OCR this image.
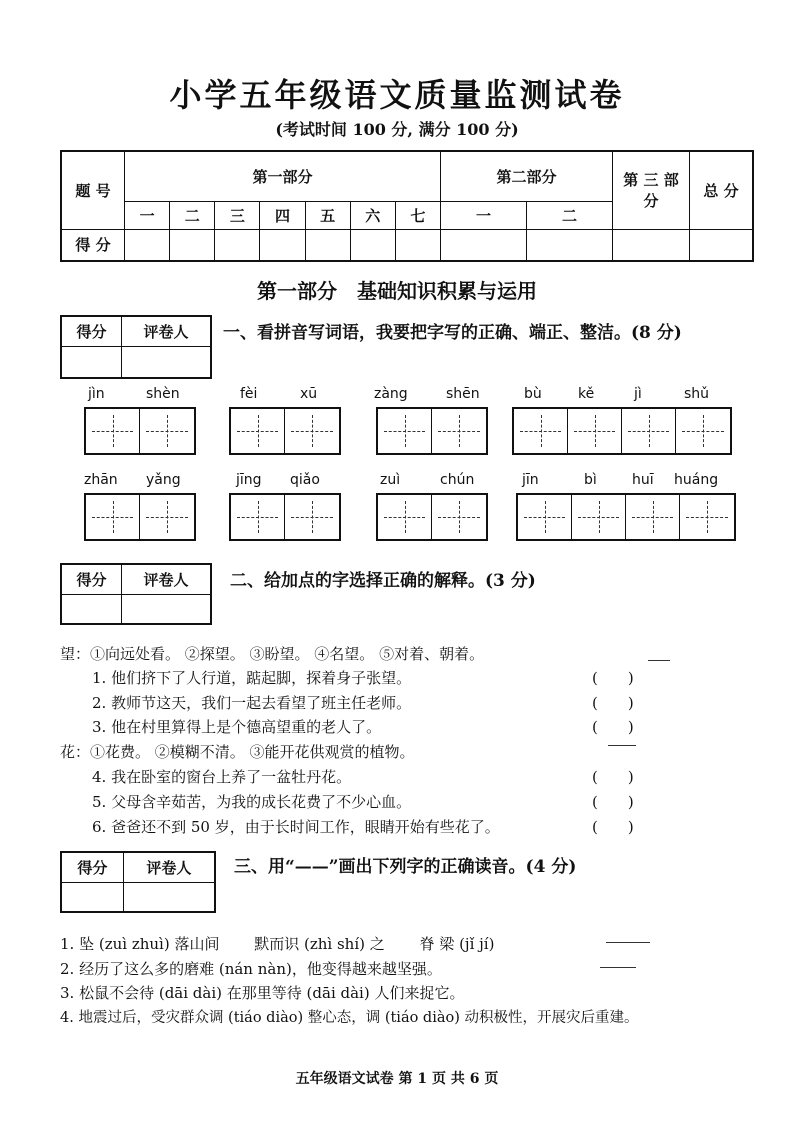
小学五年级语文质量监测试卷
(考试时间 100 分, 满分 100 分)
题 号	第一部分							第二部分		第 三 部 分	总 分
	一	二	三	四	五	六	七	一	二		
得 分											
第一部分　基础知识积累与运用
得分	评卷人
	一、看拼音写词语，我要把字写的正确、端正、整洁。(8 分)
jìn	shèn	fèi	xū	zàng	shēn	bù	kě	jì	shǔ
zhān yǎng	jīng qiǎo	zuì	chún	jīn	bì	huī huáng
得分	评卷人
	二、给加点的字选择正确的解释。(3 分)
望：①向远处看。 ②探望。 ③盼望。 ④名望。 ⑤对着、朝着。
1. 他们挤下了人行道，踮起脚，探着身子张望。	(　　)
2. 教师节这天，我们一起去看望了班主任老师。	(　　)
3. 他在村里算得上是个德高望重的老人了。	(　　)
花：①花费。 ②模糊不清。 ③能开花供观赏的植物。
4. 我在卧室的窗台上养了一盆牡丹花。	(　　)
5. 父母含辛茹苦，为我的成长花费了不少心血。	(　　)
6. 爸爸还不到 50 岁，由于长时间工作，眼睛开始有些花了。	(　　)
得分	评卷人
		三、用“——”画出下列字的正确读音。(4 分)
1. 坠 (zuì zhuì) 落山间　　 默而识 (zhì shí) 之　　 脊 梁 (jǐ jí)
2. 经历了这么多的磨难 (nán nàn)，他变得越来越坚强。
3. 松鼠不会待 (dāi dài) 在那里等待 (dāi dài) 人们来捉它。
4. 地震过后，受灾群众调 (tiáo diào) 整心态，调 (tiáo diào) 动积极性，开展灾后重建。
五年级语文试卷 第 1 页 共 6 页
